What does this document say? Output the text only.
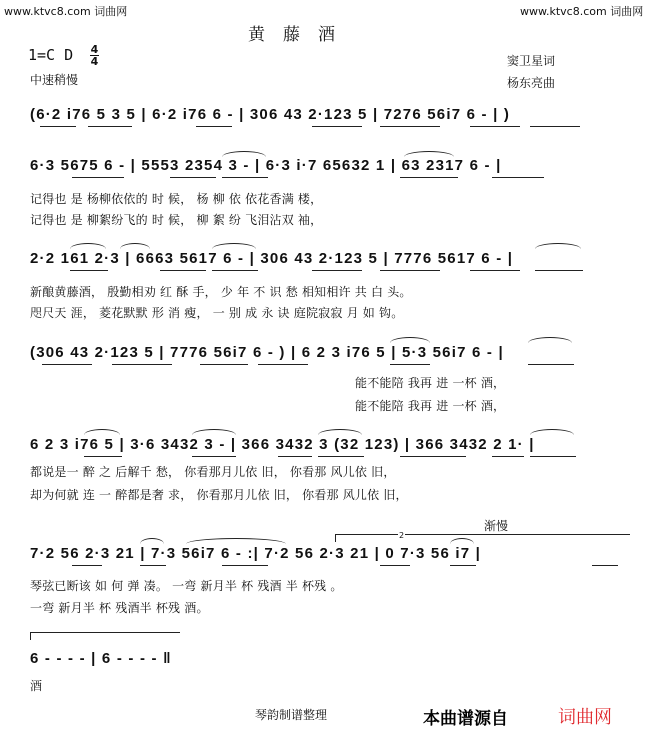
www.ktvc8.com 词曲网	www.ktvc8.com 词曲网
黄藤酒
1=C D 4
4
中速稍慢
窦卫星词
杨东亮曲
(6·2 i76 5 3 5 | 6·2 i76 6 - | 306 43 2·123 5 | 7276 56i7 6 - | )
6·3 5675 6 - | 5553 2354 3 - | 6·3 i·7 65632 1 | 63 2317 6 - |
记得也 是 杨柳依依的 时 候， 杨 柳 依 依花香满 楼，
记得也 是 柳絮纷飞的 时 候， 柳 絮 纷 飞泪沾双 袖，
2·2 161 2·3 | 6663 5617 6 - | 306 43 2·123 5 | 7776 5617 6 - |
新酿黄藤酒， 殷勤相劝 红 酥 手， 少 年 不 识 愁 相知相许 共 白 头。
咫尺天 涯， 菱花默默 形 消 瘦， 一 别 成 永 诀 庭院寂寂 月 如 钩。
(306 43 2·123 5 | 7776 56i7 6 - ) | 6 2 3 i76 5 | 5·3 56i7 6 - |
能不能陪 我再 进 一杯 酒，
能不能陪 我再 进 一杯 酒，
6 2 3 i76 5 | 3·6 3432 3 - | 366 3432 3 (32 123) | 366 3432 2 1· |
都说是一 醉 之 后解千 愁， 你看那月儿依 旧， 你看那 风儿依 旧，
却为何就 连 一 醉都是奢 求， 你看那月儿依 旧， 你看那 风儿依 旧，
渐慢
2
7·2 56 2·3 21 | 7·3 56i7 6 - :| 7·2 56 2·3 21 | 0 7·3 56 i7 |
琴弦已断该 如 何 弹 凑。 一弯 新月半 杯 残酒 半 杯残 。
一弯 新月半 杯 残酒半 杯残 酒。
6 - - - - | 6 - - - - ‖
酒
琴韵制谱整理	本曲谱源自	词曲网
